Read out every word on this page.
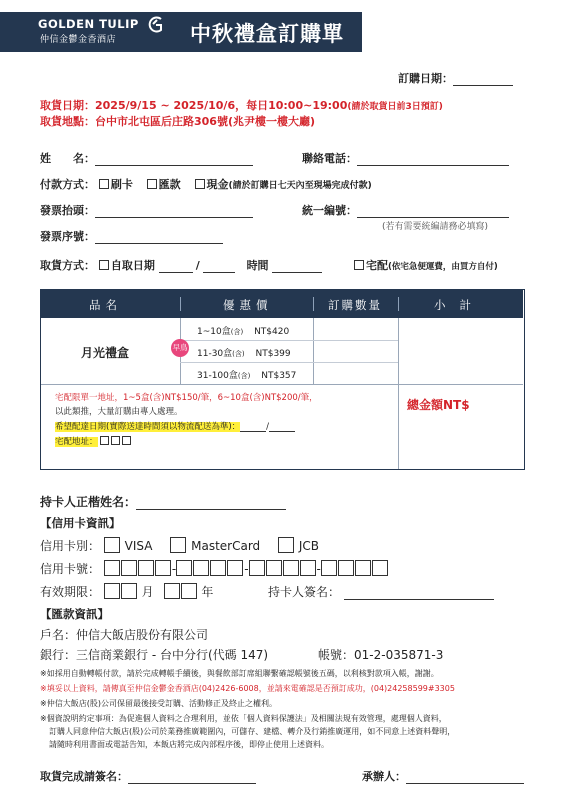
GOLDEN TULIP
仲信金鬱金香酒店	中秋禮盒訂購單
訂購日期：
取貨日期：2025/9/15 ~ 2025/10/6，每日10:00~19:00(請於取貨日前3日預訂)
取貨地點：台中市北屯區后庄路306號(兆尹樓一樓大廳)
姓　　名：	聯絡電話：
付款方式： 刷卡 匯款 現金(請於訂購日七天內至現場完成付款)
發票抬頭：	統一編號：
(若有需要統編請務必填寫)
發票序號：
取貨方式： 自取日期	/	時間	宅配(依宅急便運費，由買方自付)
品名	優惠價	訂購數量	小計
月光禮盒	早鳥
1~10盒(含) NT$420
11-30盒(含) NT$399
31-100盒(含) NT$357
宅配限單一地址，1~5盒(含)NT$150/筆，6~10盒(含)NT$200/筆，
以此類推，大量訂購由專人處理。
希望配達日期(實際送達時間須以物流配送為準)：	/
宅配地址：
總金額NT$
持卡人正楷姓名：
【信用卡資訊】
信用卡別： VISA	MasterCard	JCB
信用卡號：	-	-	-
有效期限：	月	年	持卡人簽名：
【匯款資訊】
戶名：仲信大飯店股份有限公司
銀行：三信商業銀行 - 台中分行(代碼 147)	帳號：01-2-035871-3
※如採用自動轉帳付款，請於完成轉帳手續後，與餐飲部訂席組聯繫確認帳號後五碼，以利核對款項入帳，謝謝。
※填妥以上資料，請傳真至仲信金鬱金香酒店(04)2426-6008，並請來電確認是否預訂成功，(04)24258599#3305
※仲信大飯店(股)公司保留最後接受訂購、活動修正及終止之權利。
※個資說明約定事項：為促進個人資料之合理利用，並依「個人資料保護法」及相關法規有效管理，處理個人資料，
訂購人同意仲信大飯店(股)公司於業務推廣範圍內，可儲存、建檔、轉介及行銷推廣運用，如不同意上述資料聲明，
請隨時利用書面或電話告知，本飯店將完成內部程序後，即停止使用上述資料。
取貨完成請簽名：	承辦人：
